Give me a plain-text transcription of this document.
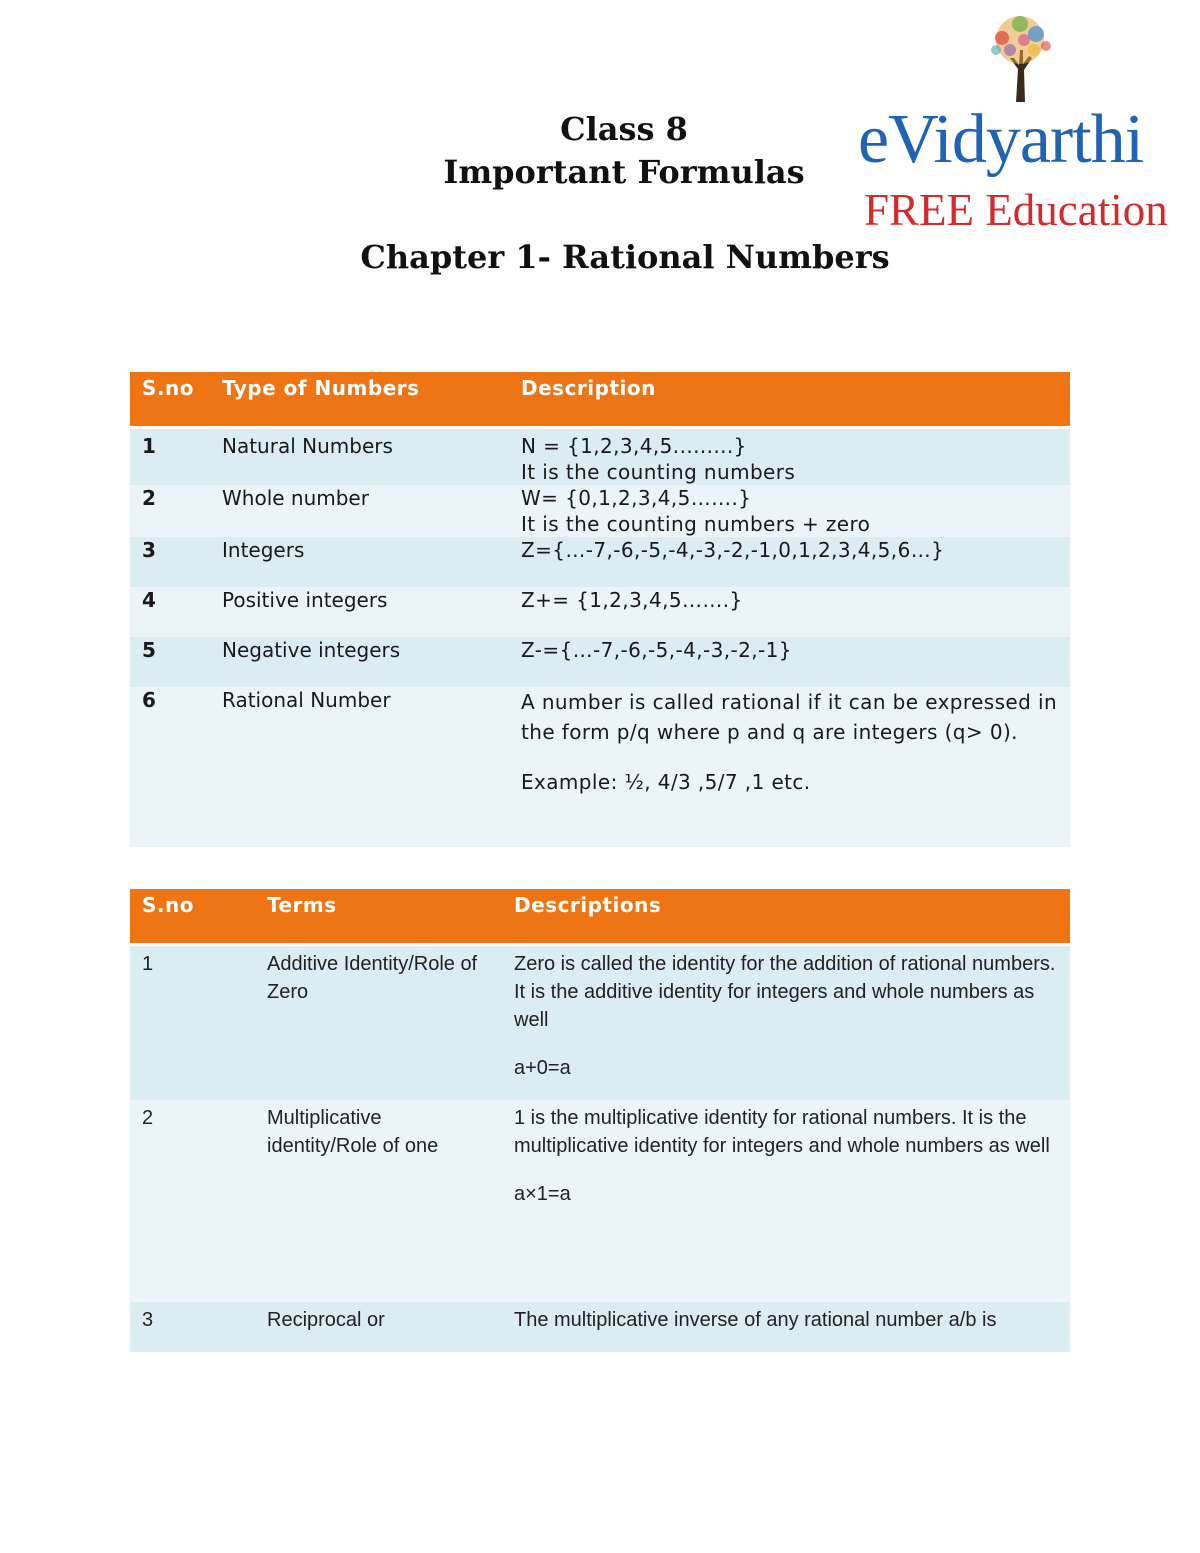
Class 8
Important Formulas
Chapter 1- Rational Numbers
eVidyarthi
FREE Education
S.no	Type of Numbers	Description
1	Natural Numbers	N = {1,2,3,4,5.........}

It is the counting numbers

2	Whole number	W= {0,1,2,3,4,5…….}

It is the counting numbers + zero

3	Integers	Z={…-7,-6,-5,-4,-3,-2,-1,0,1,2,3,4,5,6…}
4	Positive integers	Z+= {1,2,3,4,5…….}
5	Negative integers	Z-={…-7,-6,-5,-4,-3,-2,-1}
6	Rational Number	A number is called rational if it can be expressed in the form p/q where p and q are integers (q> 0).

Example: ½, 4/3 ,5/7 ,1 etc.

S.no	Terms	Descriptions
1	Additive Identity/Role of Zero	Zero is called the identity for the addition of rational numbers. It is the additive identity for integers and whole numbers as well

a+0=a

2	Multiplicative identity/Role of one	1 is the multiplicative identity for rational numbers. It is the multiplicative identity for integers and whole numbers as well

a×1=a

3	Reciprocal or	The multiplicative inverse of any rational number a/b is
